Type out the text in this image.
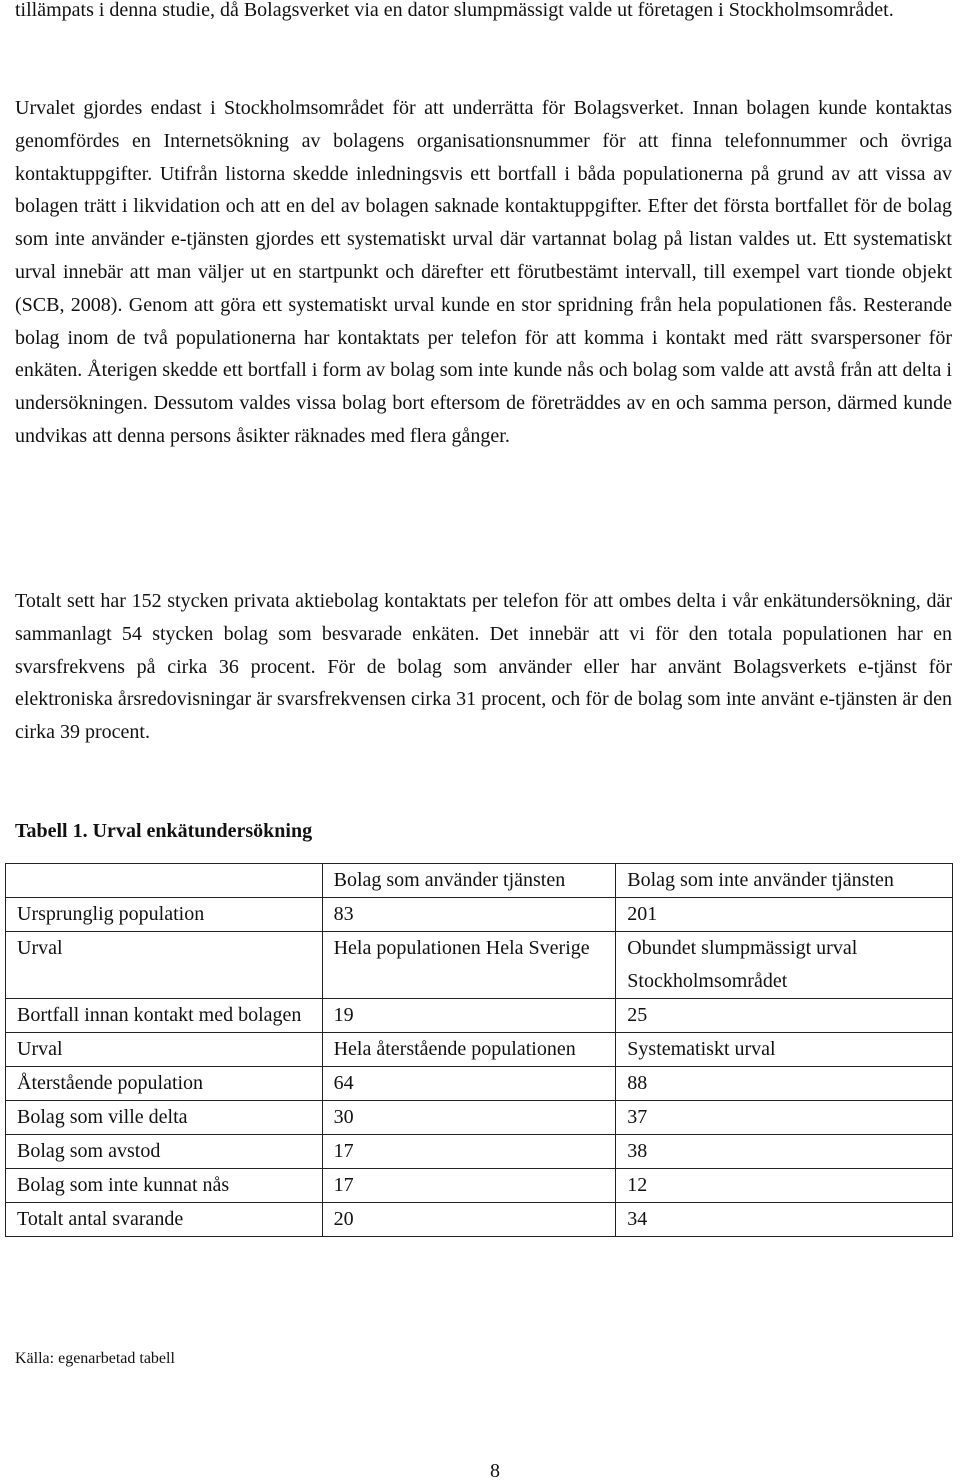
tillämpats i denna studie, då Bolagsverket via en dator slumpmässigt valde ut företagen i Stockholmsområdet.

Urvalet gjordes endast i Stockholmsområdet för att underrätta för Bolagsverket. Innan bolagen kunde kontaktas genomfördes en Internetsökning av bolagens organisationsnummer för att finna telefonnummer och övriga kontaktuppgifter. Utifrån listorna skedde inledningsvis ett bortfall i båda populationerna på grund av att vissa av bolagen trätt i likvidation och att en del av bolagen saknade kontaktuppgifter. Efter det första bortfallet för de bolag som inte använder e-tjänsten gjordes ett systematiskt urval där vartannat bolag på listan valdes ut. Ett systematiskt urval innebär att man väljer ut en startpunkt och därefter ett förutbestämt intervall, till exempel vart tionde objekt (SCB, 2008). Genom att göra ett systematiskt urval kunde en stor spridning från hela populationen fås. Resterande bolag inom de två populationerna har kontaktats per telefon för att komma i kontakt med rätt svarspersoner för enkäten. Återigen skedde ett bortfall i form av bolag som inte kunde nås och bolag som valde att avstå från att delta i undersökningen. Dessutom valdes vissa bolag bort eftersom de företräddes av en och samma person, därmed kunde undvikas att denna persons åsikter räknades med flera gånger.

Totalt sett har 152 stycken privata aktiebolag kontaktats per telefon för att ombes delta i vår enkätundersökning, där sammanlagt 54 stycken bolag som besvarade enkäten. Det innebär att vi för den totala populationen har en svarsfrekvens på cirka 36 procent. För de bolag som använder eller har använt Bolagsverkets e-tjänst för elektroniska årsredovisningar är svarsfrekvensen cirka 31 procent, och för de bolag som inte använt e-tjänsten är den cirka 39 procent.

Tabell 1. Urval enkätundersökning

	Bolag som använder tjänsten	Bolag som inte använder tjänsten
Ursprunglig population	83	201
Urval	Hela populationen Hela Sverige	Obundet slumpmässigt urval Stockholmsområdet
Bortfall innan kontakt med bolagen	19	25
Urval	Hela återstående populationen	Systematiskt urval
Återstående population	64	88
Bolag som ville delta	30	37
Bolag som avstod	17	38
Bolag som inte kunnat nås	17	12
Totalt antal svarande	20	34

Källa: egenarbetad tabell

8
